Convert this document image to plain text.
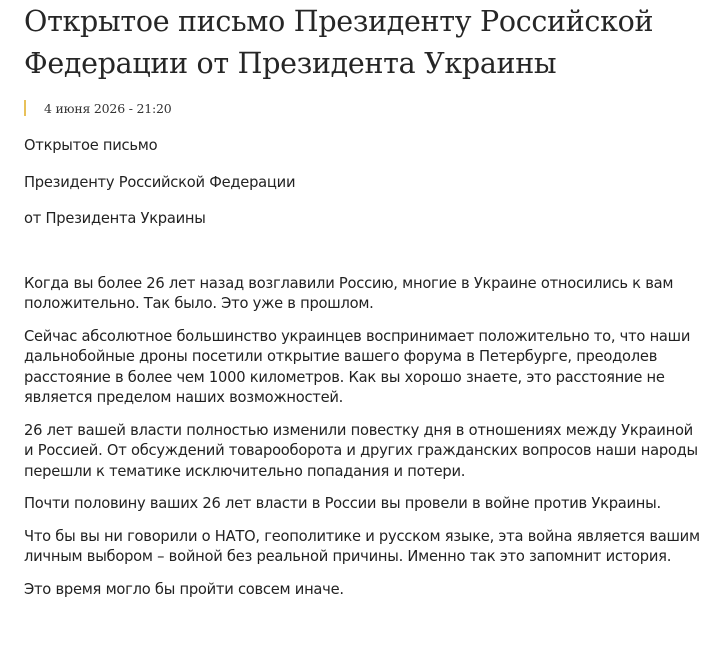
Открытое письмо Президенту Российской Федерации от Президента Украины
4 июня 2026 - 21:20

Открытое письмо

Президенту Российской Федерации

от Президента Украины

Когда вы более 26 лет назад возглавили Россию, многие в Украине относились к вам положительно. Так было. Это уже в прошлом.

Сейчас абсолютное большинство украинцев воспринимает положительно то, что наши дальнобойные дроны посетили открытие вашего форума в Петербурге, преодолев расстояние в более чем 1000 километров. Как вы хорошо знаете, это расстояние не является пределом наших возможностей.

26 лет вашей власти полностью изменили повестку дня в отношениях между Украиной и Россией. От обсуждений товарооборота и других гражданских вопросов наши народы перешли к тематике исключительно попадания и потери.

Почти половину ваших 26 лет власти в России вы провели в войне против Украины.

Что бы вы ни говорили о НАТО, геополитике и русском языке, эта война является вашим личным выбором – войной без реальной причины. Именно так это запомнит история.

Это время могло бы пройти совсем иначе.
